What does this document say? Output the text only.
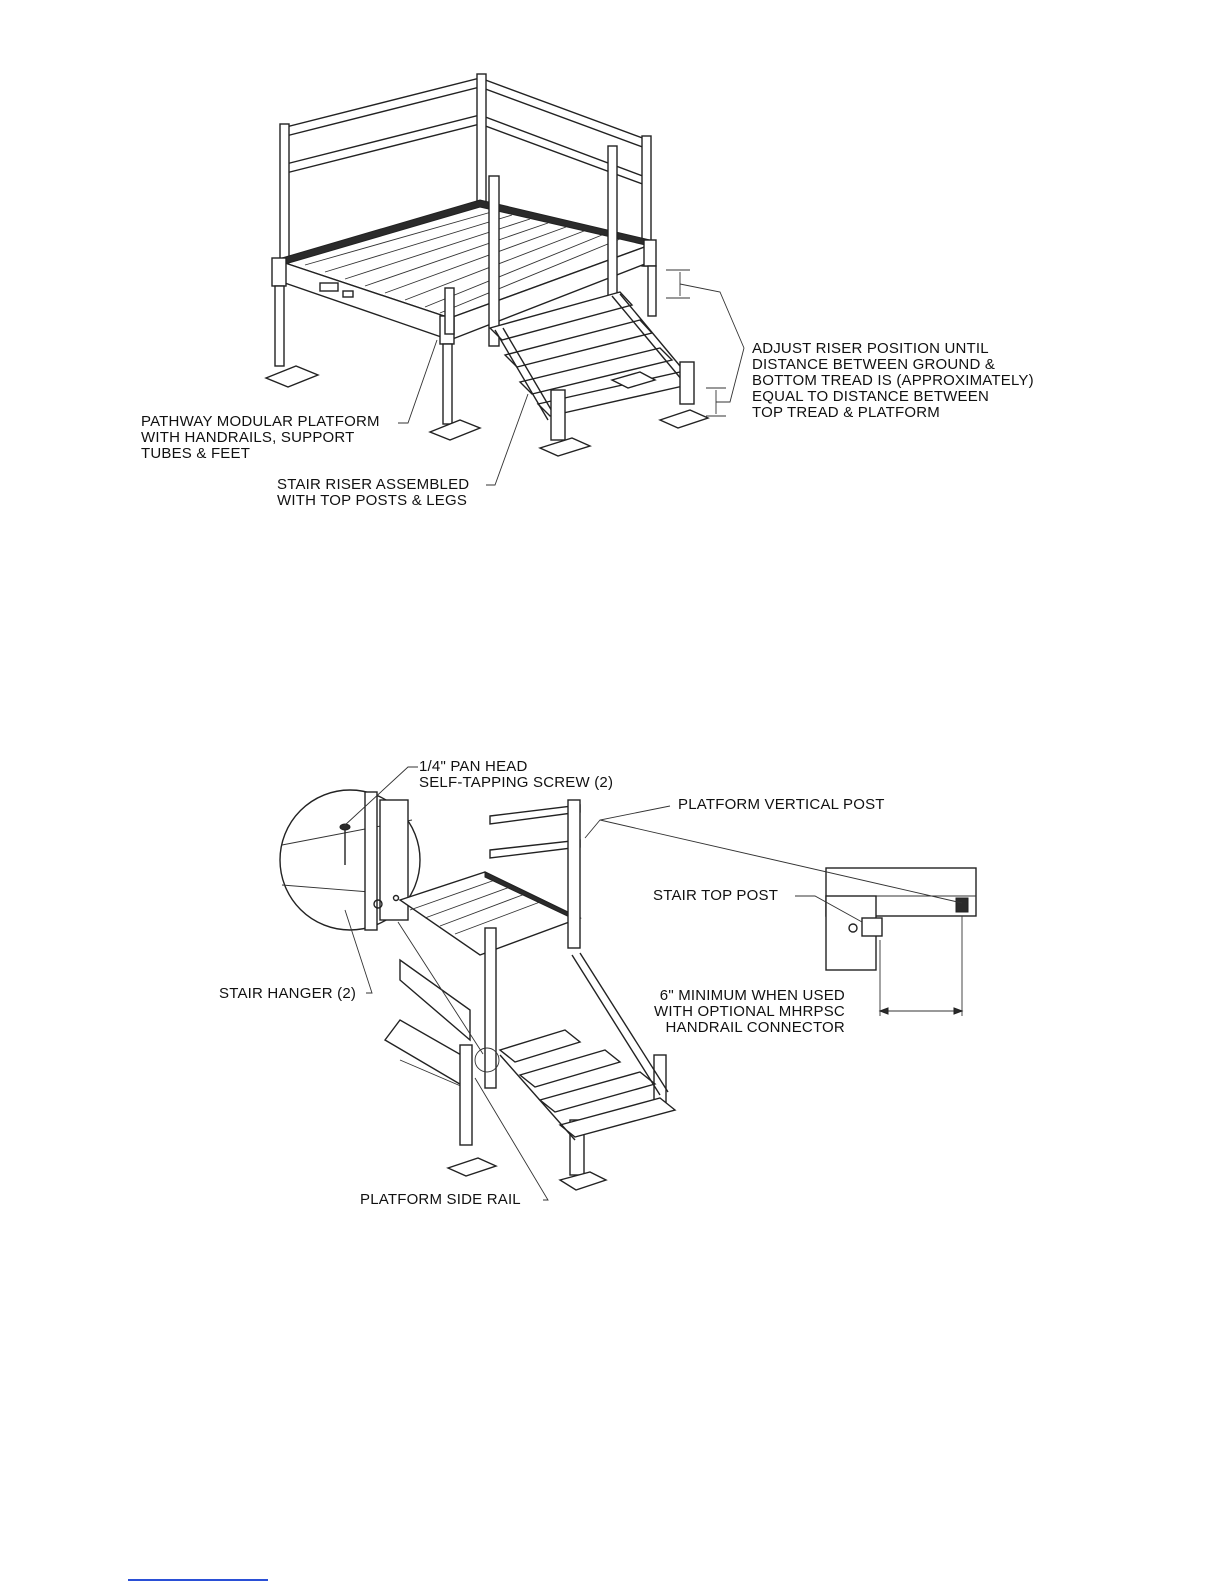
PATHWAY MODULAR PLATFORM
WITH HANDRAILS, SUPPORT
TUBES & FEET
STAIR RISER ASSEMBLED
WITH TOP POSTS & LEGS
ADJUST RISER POSITION UNTIL
DISTANCE BETWEEN GROUND &
BOTTOM TREAD IS (APPROXIMATELY)
EQUAL TO DISTANCE BETWEEN
TOP TREAD & PLATFORM
1/4" PAN HEAD
SELF-TAPPING SCREW (2)
PLATFORM VERTICAL POST
STAIR TOP POST
STAIR HANGER (2)	6" MINIMUM WHEN USED
WITH OPTIONAL MHRPSC
HANDRAIL CONNECTOR
PLATFORM SIDE RAIL
